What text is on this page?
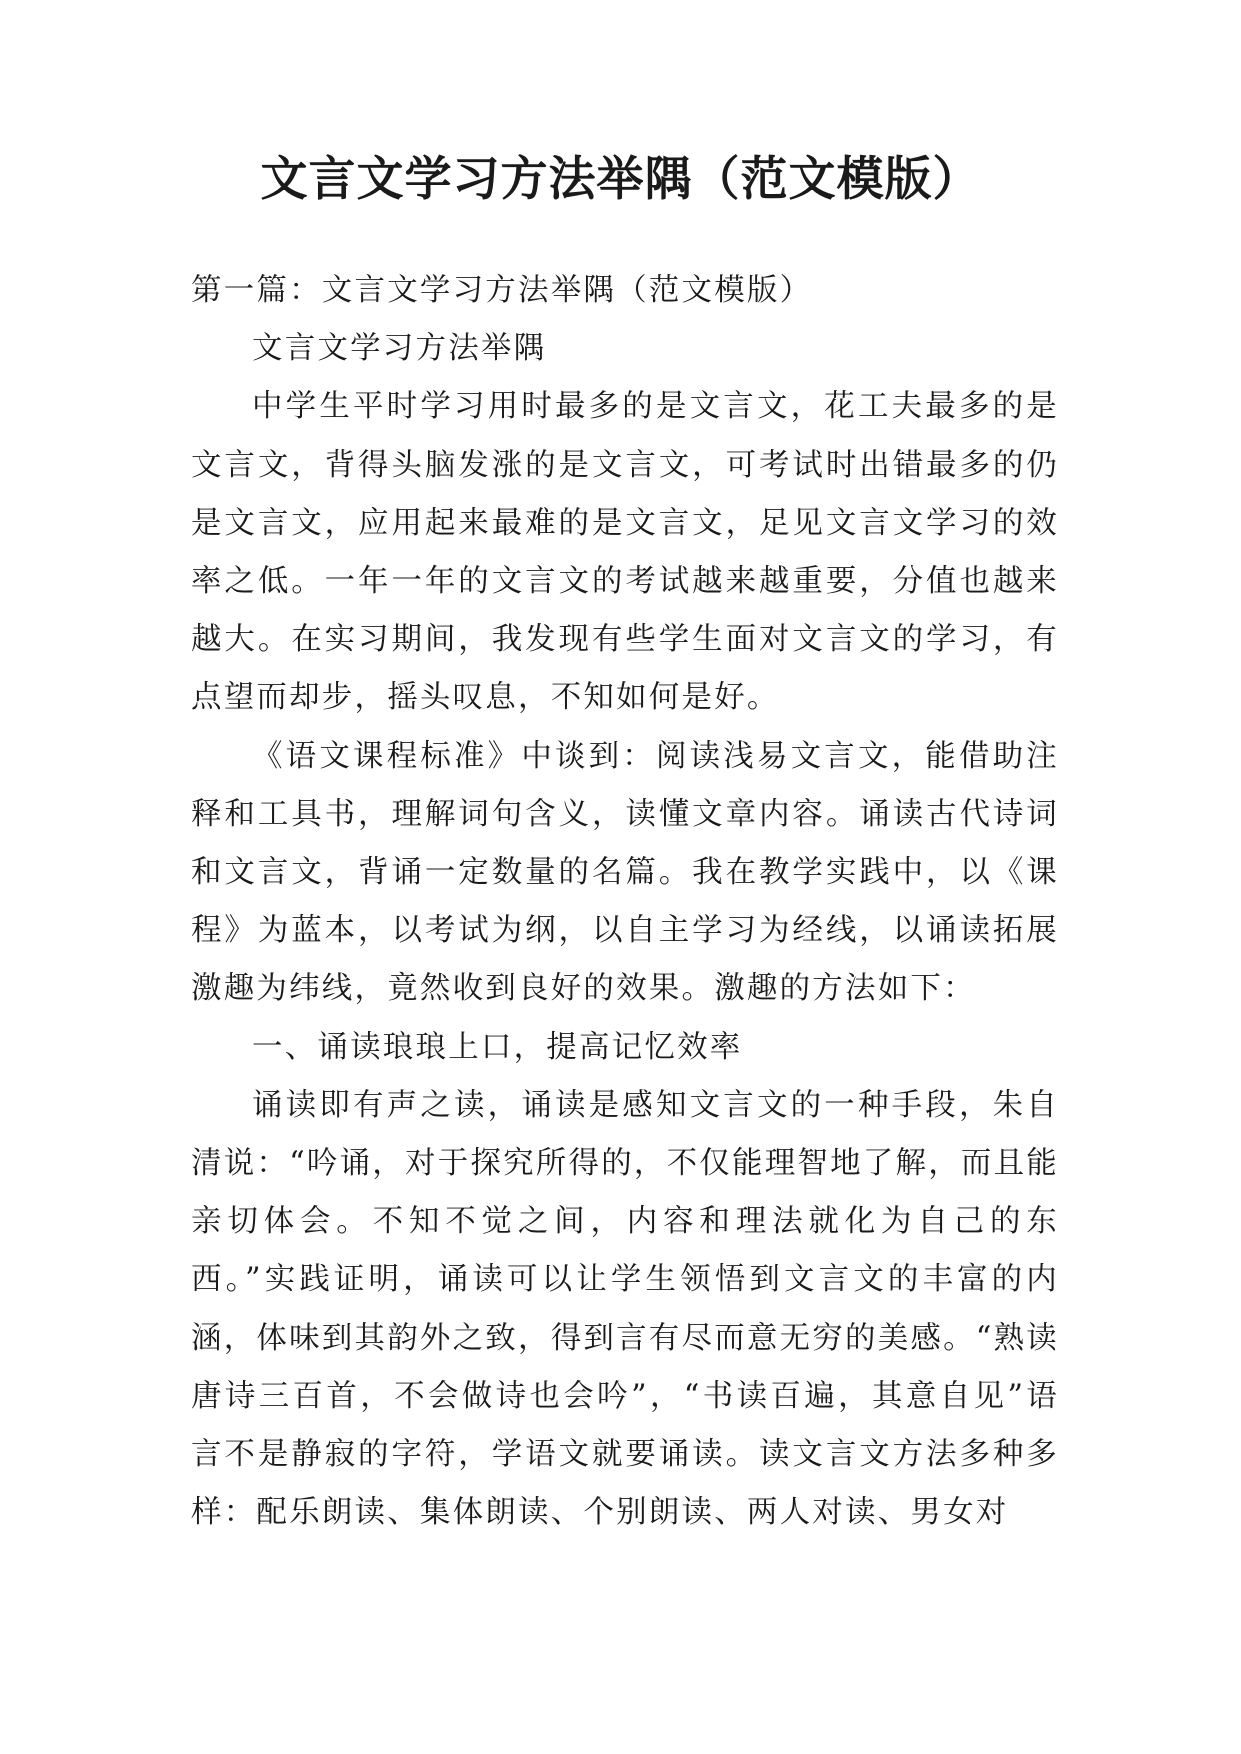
文言文学习方法举隅（范文模版）

第一篇：文言文学习方法举隅（范文模版）

文言文学习方法举隅

中学生平时学习用时最多的是文言文，花工夫最多的是文言文，背得头脑发涨的是文言文，可考试时出错最多的仍是文言文，应用起来最难的是文言文，足见文言文学习的效率之低。一年一年的文言文的考试越来越重要，分值也越来越大。在实习期间，我发现有些学生面对文言文的学习，有点望而却步，摇头叹息，不知如何是好。

《语文课程标准》中谈到：阅读浅易文言文，能借助注释和工具书，理解词句含义，读懂文章内容。诵读古代诗词和文言文，背诵一定数量的名篇。我在教学实践中，以《课程》为蓝本，以考试为纲，以自主学习为经线，以诵读拓展激趣为纬线，竟然收到良好的效果。激趣的方法如下：

一、诵读琅琅上口，提高记忆效率

诵读即有声之读，诵读是感知文言文的一种手段，朱自清说：“吟诵，对于探究所得的，不仅能理智地了解，而且能亲切体会。不知不觉之间，内容和理法就化为自己的东西。”实践证明，诵读可以让学生领悟到文言文的丰富的内涵，体味到其韵外之致，得到言有尽而意无穷的美感。“熟读唐诗三百首，不会做诗也会吟”，“书读百遍，其意自见”语言不是静寂的字符，学语文就要诵读。读文言文方法多种多样：配乐朗读、集体朗读、个别朗读、两人对读、男女对
